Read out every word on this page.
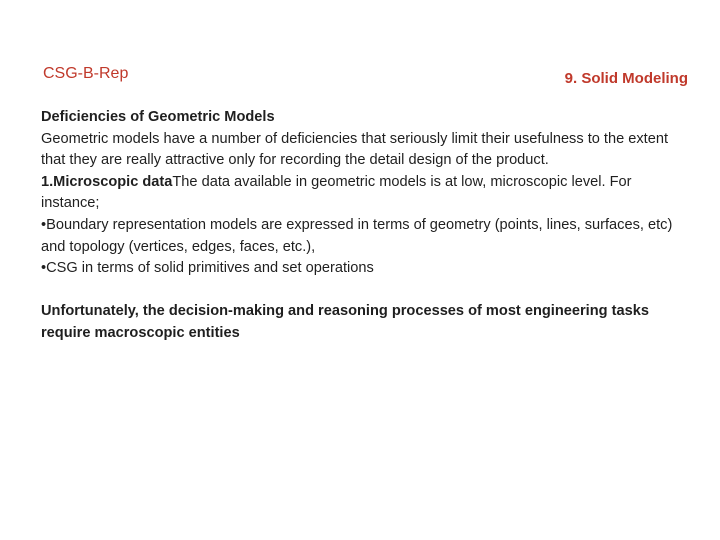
CSG-B-Rep	9. Solid Modeling

Deficiencies of Geometric Models

Geometric models have a number of deficiencies that seriously limit their usefulness to the extent that they are really attractive only for recording the detail design of the product.

1.Microscopic dataThe data available in geometric models is at low, microscopic level. For instance;

•Boundary representation models are expressed in terms of geometry (points, lines, surfaces, etc) and topology (vertices, edges, faces, etc.),

•CSG in terms of solid primitives and set operations

Unfortunately, the decision-making and reasoning processes of most engineering tasks require macroscopic entities
